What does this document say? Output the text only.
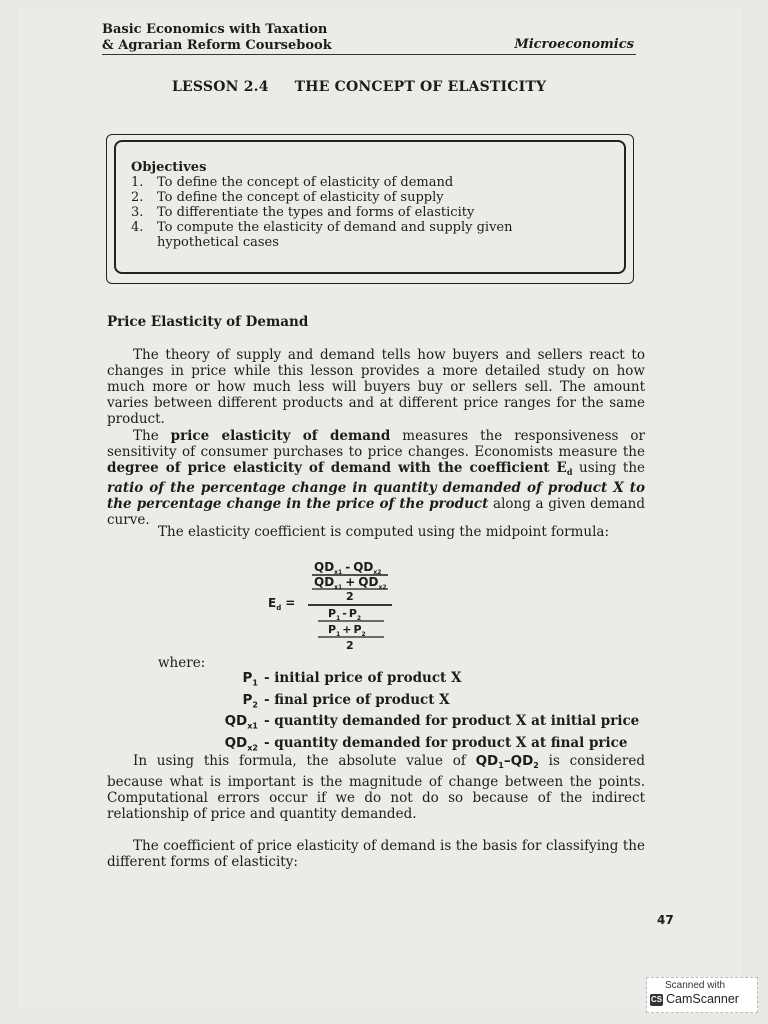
Basic Economics with Taxation
& Agrarian Reform Coursebook	Microeconomics
LESSON 2.4 THE CONCEPT OF ELASTICITY
Objectives
1.	To define the concept of elasticity of demand
2.	To define the concept of elasticity of supply
3.	To differentiate the types and forms of elasticity
4.	To compute the elasticity of demand and supply given hypothetical cases
Price Elasticity of Demand
The theory of supply and demand tells how buyers and sellers react to changes in price while this lesson provides a more detailed study on how much more or how much less will buyers buy or sellers sell. The amount varies between different products and at different price ranges for the same product.
The price elasticity of demand measures the responsiveness or sensitivity of consumer purchases to price changes. Economists measure the degree of price elasticity of demand with the coefficient $E_d$ using the ratio of the percentage change in quantity demanded of product X to the percentage change in the price of the product along a given demand curve.
The elasticity coefficient is computed using the midpoint formula:
$E_d$ =
$QD_{x1} - QD_{x2}$
$QD_{x1} + QD_{x2}$
2
$P_1 - P_2$
$P_1 + P_2$
2
where:
$P_1$ - initial price of product X
$P_2$ - final price of product X
$QD_{x1}$ - quantity demanded for product X at initial price
$QD_{x2}$ - quantity demanded for product X at final price
In using this formula, the absolute value of $QD_1-QD_2$ is considered because what is important is the magnitude of change between the points. Computational errors occur if we do not do so because of the indirect relationship of price and quantity demanded.
The coefficient of price elasticity of demand is the basis for classifying the different forms of elasticity:
47
Scanned with
CS CamScanner
